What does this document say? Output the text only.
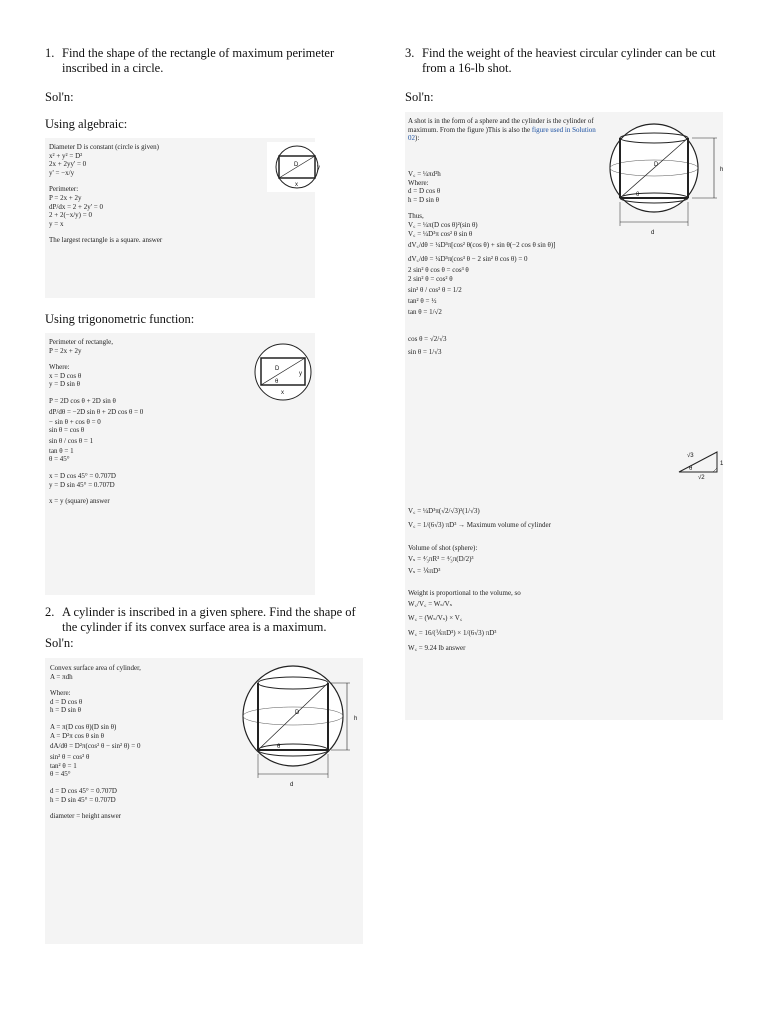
1. Find the shape of the rectangle of maximum perimeter inscribed in a circle.
Sol'n:
Using algebraic:
Diameter D is constant (circle is given)
x² + y² = D²
2x + 2yy' = 0
y' = −x/y
Perimeter:
P = 2x + 2y
dP/dx = 2 + 2y' = 0
2 + 2(−x/y) = 0
y = x
The largest rectangle is a square. answer
D	y
x
Using trigonometric function:
Perimeter of rectangle,
P = 2x + 2y
Where:
x = D cos θ
y = D sin θ
P = 2D cos θ + 2D sin θ
dP/dθ = −2D sin θ + 2D cos θ = 0
− sin θ + cos θ = 0
sin θ = cos θ
sin θ / cos θ = 1
tan θ = 1
θ = 45°
x = D cos 45° = 0.707D
y = D sin 45° = 0.707D
x = y (square) answer
D
y
θ
x
2. A cylinder is inscribed in a given sphere. Find the shape of the cylinder if its convex surface area is a maximum.
Sol'n:
Convex surface area of cylinder,
A = πdh
Where:
d = D cos θ
h = D sin θ
A = π(D cos θ)(D sin θ)
A = D²π cos θ sin θ
dA/dθ = D²π(cos² θ − sin² θ) = 0
sin² θ = cos² θ
tan² θ = 1
θ = 45°
d = D cos 45° = 0.707D
h = D sin 45° = 0.707D
diameter = height answer
D
θ
h
d
3. Find the weight of the heaviest circular cylinder can be cut from a 16-lb shot.
Sol'n:
A shot is in the form of a sphere and the cylinder is the cylinder of maximum. From the figure )This is also the figure used in Solution 02):
V꜀ = ¼πd²h
Where:
d = D cos θ
h = D sin θ
Thus,
V꜀ = ¼π(D cos θ)²(sin θ)
V꜀ = ¼D³π cos² θ sin θ
dV꜀/dθ = ¼D³π[cos² θ(cos θ) + sin θ(−2 cos θ sin θ)]
dV꜀/dθ = ¼D³π(cos³ θ − 2 sin² θ cos θ) = 0
2 sin² θ cos θ = cos³ θ
2 sin² θ = cos² θ
sin² θ / cos² θ = 1/2
tan² θ = ½
tan θ = 1/√2
cos θ = √2/√3
sin θ = 1/√3
V꜀ = ¼D³π(√2/√3)²(1/√3)
V꜀ = 1/(6√3) πD³ → Maximum volume of cylinder
Volume of shot (sphere):
Vₛ = ⁴⁄₃πR³ = ⁴⁄₃π(D/2)³
Vₛ = ⅙πD³
Weight is proportional to the volume, so
W꜀/V꜀ = Wₛ/Vₛ
W꜀ = (Wₛ/Vₛ) × V꜀
W꜀ = 16/(⅙πD³) × 1/(6√3) πD³
W꜀ = 9.24 lb answer
D
θ
h
d
√3
1
θ
√2
